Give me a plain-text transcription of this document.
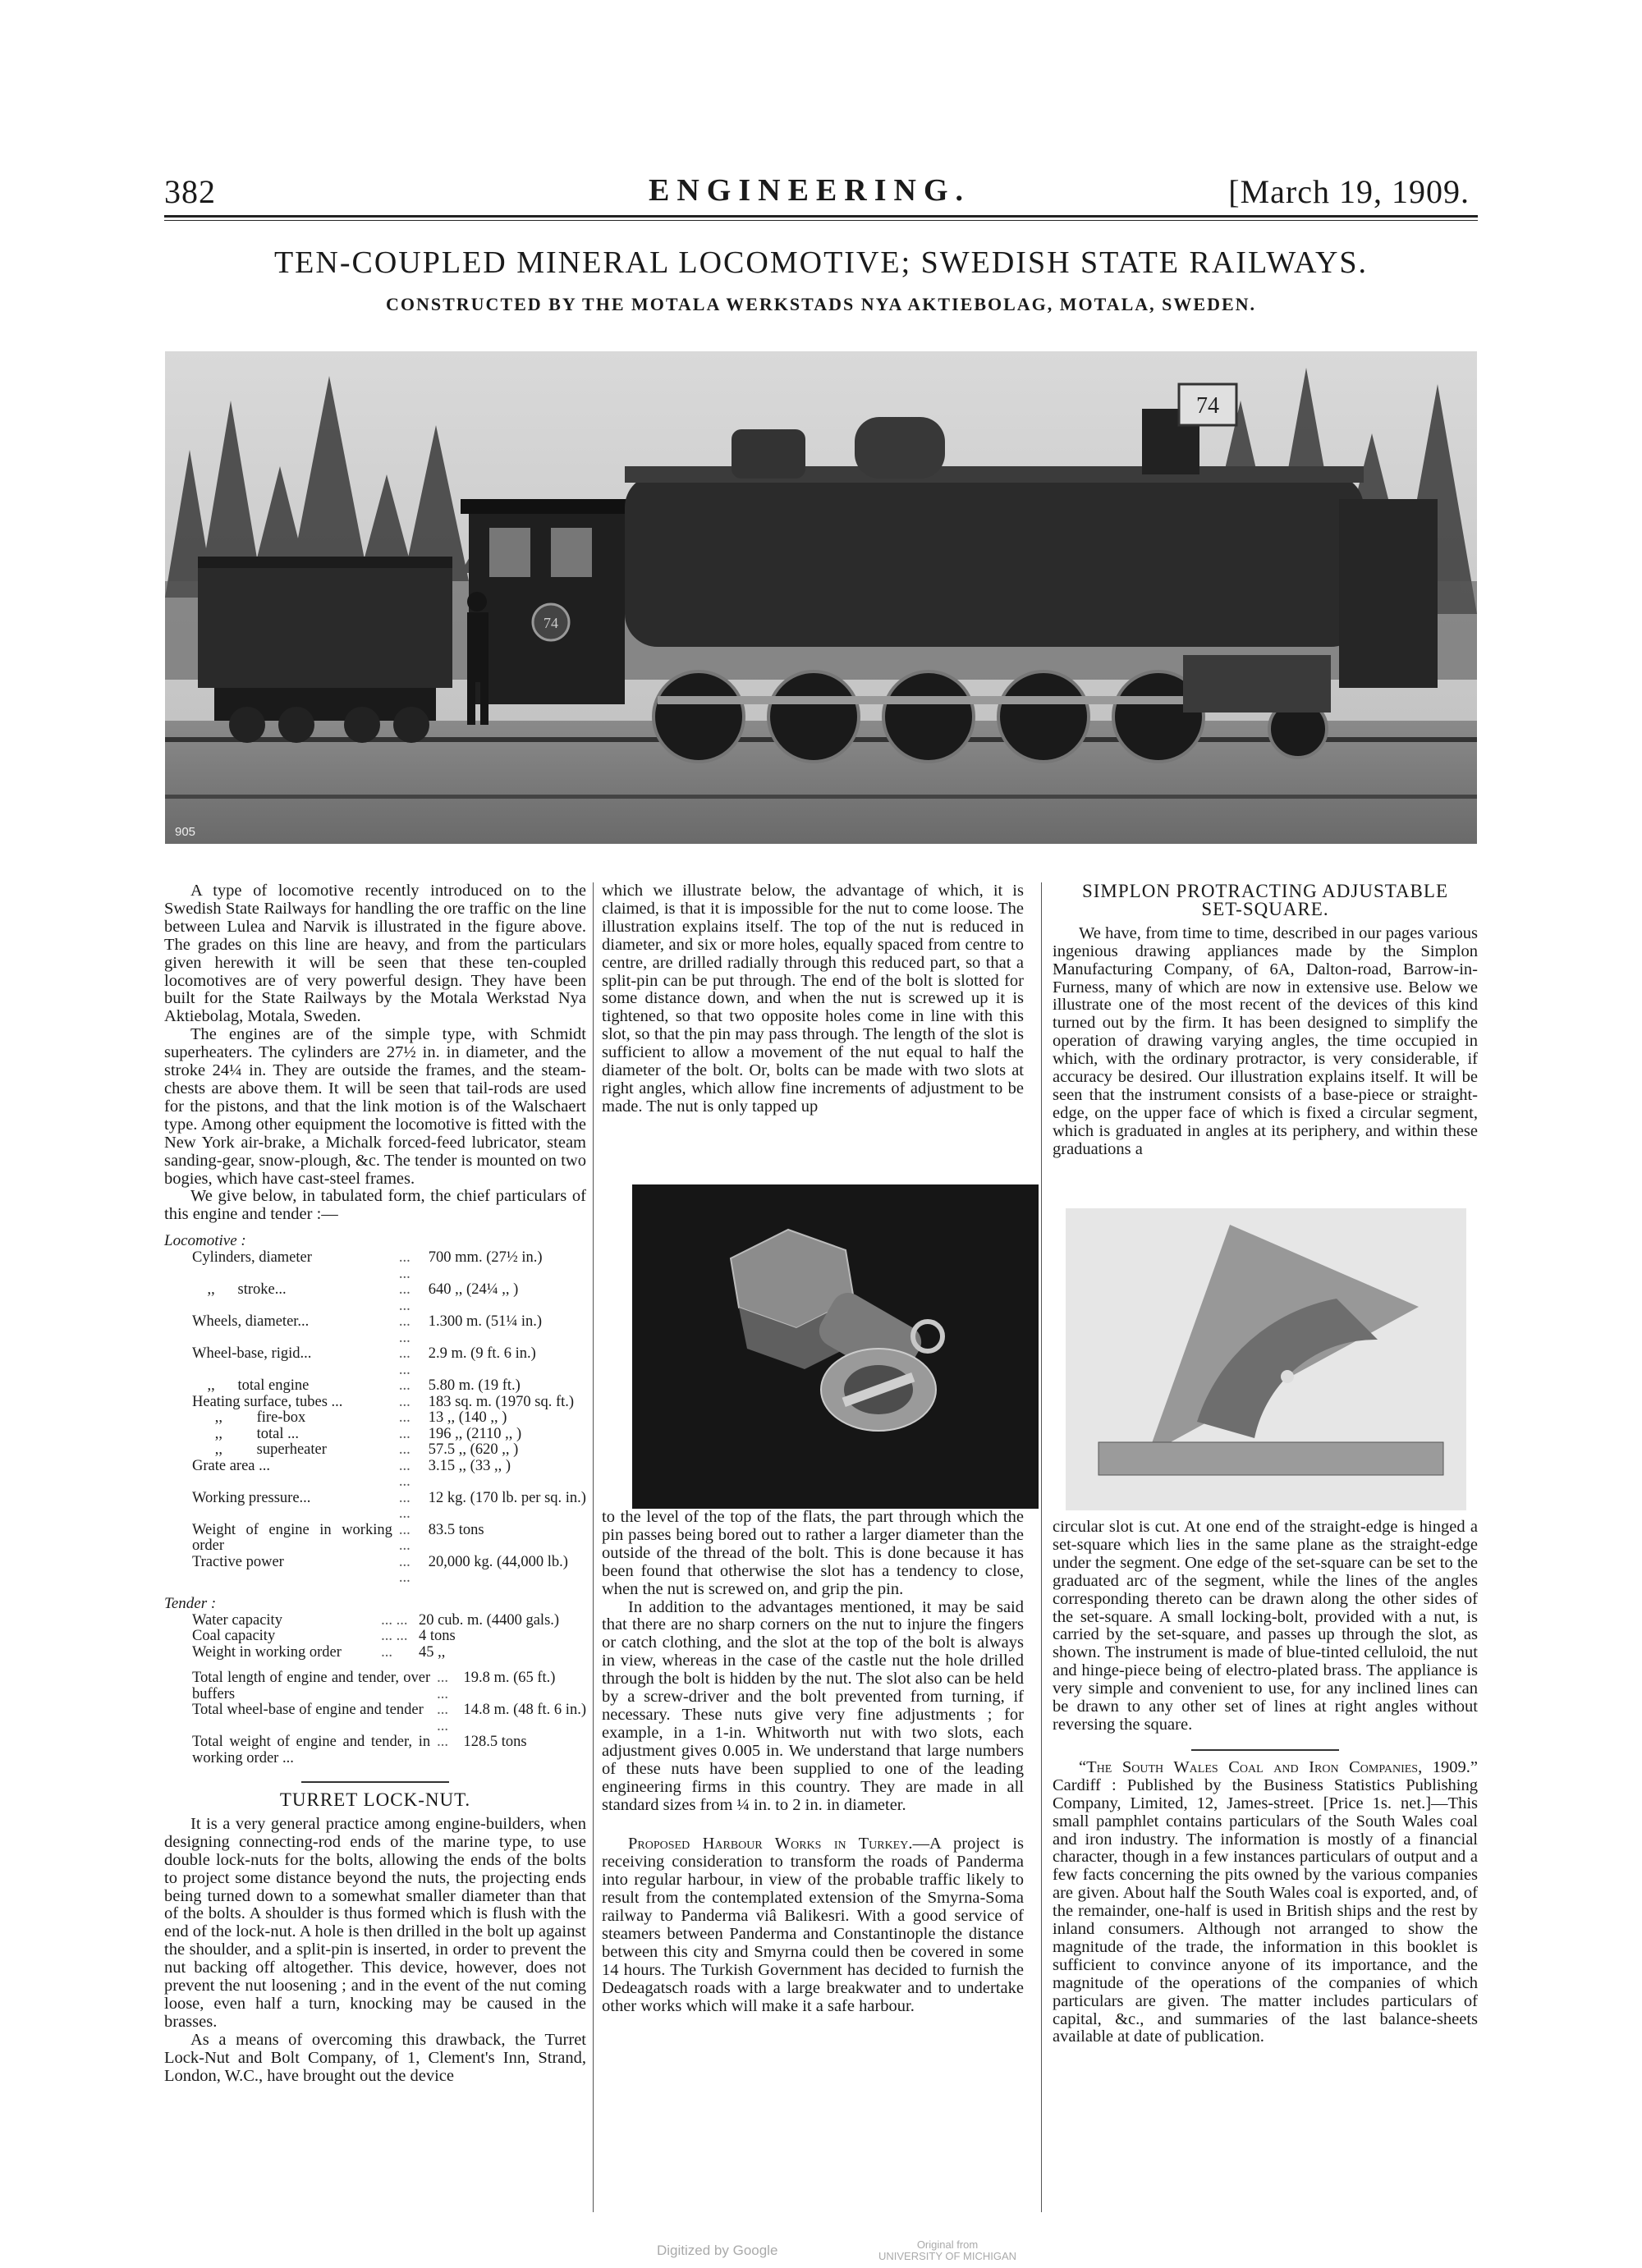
382	ENGINEERING.	[March 19, 1909.
TEN-COUPLED MINERAL LOCOMOTIVE; SWEDISH STATE RAILWAYS.
CONSTRUCTED BY THE MOTALA WERKSTADS NYA AKTIEBOLAG, MOTALA, SWEDEN.
74
74
905

A type of locomotive recently introduced on to the Swedish State Railways for handling the ore traffic on the line between Lulea and Narvik is illustrated in the figure above. The grades on this line are heavy, and from the particulars given herewith it will be seen that these ten-coupled locomotives are of very powerful design. They have been built for the State Railways by the Motala Werkstad Nya Aktiebolag, Motala, Sweden.

The engines are of the simple type, with Schmidt superheaters. The cylinders are 27½ in. in diameter, and the stroke 24¼ in. They are outside the frames, and the steam-chests are above them. It will be seen that tail-rods are used for the pistons, and that the link motion is of the Walschaert type. Among other equipment the locomotive is fitted with the New York air-brake, a Michalk forced-feed lubricator, steam sanding-gear, snow-plough, &c. The tender is mounted on two bogies, which have cast-steel frames.

We give below, in tabulated form, the chief particulars of this engine and tender :—

Locomotive :
Cylinders, diameter	... ...	700 mm. (27½ in.)
,,      stroke...	... ...	640 ,, (24¼ ,, )
Wheels, diameter...	... ...	1.300 m. (51¼ in.)
Wheel-base, rigid...	... ...	2.9 m. (9 ft. 6 in.)
,,      total engine	...	5.80 m. (19 ft.)
Heating surface, tubes ...	...	183 sq. m. (1970 sq. ft.)
,,         fire-box	...	13 ,, (140 ,, )
,,         total ...	...	196 ,, (2110 ,, )
,,         superheater	...	57.5 ,, (620 ,, )
Grate area ...	... ...	3.15 ,, (33 ,, )
Working pressure...	... ...	12 kg. (170 lb. per sq. in.)
Weight of engine in working order	... ...	83.5 tons
Tractive power	... ...	20,000 kg. (44,000 lb.)
Tender :
Water capacity	... ...	20 cub. m. (4400 gals.)
Coal capacity	... ...	4 tons
Weight in working order	...	45 ,,
Total length of engine and tender, over buffers	... ...	19.8 m. (65 ft.)
Total wheel-base of engine and tender	... ...	14.8 m. (48 ft. 6 in.)
Total weight of engine and tender, in working order ...	...	128.5 tons
TURRET LOCK-NUT.

It is a very general practice among engine-builders, when designing connecting-rod ends of the marine type, to use double lock-nuts for the bolts, allowing the ends of the bolts to project some distance beyond the nuts, the projecting ends being turned down to a somewhat smaller diameter than that of the bolts. A shoulder is thus formed which is flush with the end of the lock-nut. A hole is then drilled in the bolt up against the shoulder, and a split-pin is inserted, in order to prevent the nut backing off altogether. This device, however, does not prevent the nut loosening ; and in the event of the nut coming loose, even half a turn, knocking may be caused in the brasses.

As a means of overcoming this drawback, the Turret Lock-Nut and Bolt Company, of 1, Clement's Inn, Strand, London, W.C., have brought out the device

which we illustrate below, the advantage of which, it is claimed, is that it is impossible for the nut to come loose. The illustration explains itself. The top of the nut is reduced in diameter, and six or more holes, equally spaced from centre to centre, are drilled radially through this reduced part, so that a split-pin can be put through. The end of the bolt is slotted for some distance down, and when the nut is screwed up it is tightened, so that two opposite holes come in line with this slot, so that the pin may pass through. The length of the slot is sufficient to allow a movement of the nut equal to half the diameter of the bolt. Or, bolts can be made with two slots at right angles, which allow fine increments of adjustment to be made. The nut is only tapped up

to the level of the top of the flats, the part through which the pin passes being bored out to rather a larger diameter than the outside of the thread of the bolt. This is done because it has been found that otherwise the slot has a tendency to close, when the nut is screwed on, and grip the pin.

In addition to the advantages mentioned, it may be said that there are no sharp corners on the nut to injure the fingers or catch clothing, and the slot at the top of the bolt is always in view, whereas in the case of the castle nut the hole drilled through the bolt is hidden by the nut. The slot also can be held by a screw-driver and the bolt prevented from turning, if necessary. These nuts give very fine adjustments ; for example, in a 1-in. Whitworth nut with two slots, each adjustment gives 0.005 in. We understand that large numbers of these nuts have been supplied to one of the leading engineering firms in this country. They are made in all standard sizes from ¼ in. to 2 in. in diameter.

Proposed Harbour Works in Turkey.—A project is receiving consideration to transform the roads of Panderma into regular harbour, in view of the probable traffic likely to result from the contemplated extension of the Smyrna-Soma railway to Panderma viâ Balikesri. With a good service of steamers between Panderma and Constantinople the distance between this city and Smyrna could then be covered in some 14 hours. The Turkish Government has decided to furnish the Dedeagatsch roads with a large breakwater and to undertake other works which will make it a safe harbour.

SIMPLON PROTRACTING ADJUSTABLE
SET-SQUARE.

We have, from time to time, described in our pages various ingenious drawing appliances made by the Simplon Manufacturing Company, of 6A, Dalton-road, Barrow-in-Furness, many of which are now in extensive use. Below we illustrate one of the most recent of the devices of this kind turned out by the firm. It has been designed to simplify the operation of drawing varying angles, the time occupied in which, with the ordinary protractor, is very considerable, if accuracy be desired. Our illustration explains itself. It will be seen that the instrument consists of a base-piece or straight-edge, on the upper face of which is fixed a circular segment, which is graduated in angles at its periphery, and within these graduations a

circular slot is cut. At one end of the straight-edge is hinged a set-square which lies in the same plane as the straight-edge under the segment. One edge of the set-square can be set to the graduated arc of the segment, while the lines of the angles corresponding thereto can be drawn along the other sides of the set-square. A small locking-bolt, provided with a nut, is carried by the set-square, and passes up through the slot, as shown. The instrument is made of blue-tinted celluloid, the nut and hinge-piece being of electro-plated brass. The appliance is very simple and convenient to use, for any inclined lines can be drawn to any other set of lines at right angles without reversing the square.

“The South Wales Coal and Iron Companies, 1909.” Cardiff : Published by the Business Statistics Publishing Company, Limited, 12, James-street. [Price 1s. net.]—This small pamphlet contains particulars of the South Wales coal and iron industry. The information is mostly of a financial character, though in a few instances particulars of output and a few facts concerning the pits owned by the various companies are given. About half the South Wales coal is exported, and, of the remainder, one-half is used in British ships and the rest by inland consumers. Although not arranged to show the magnitude of the trade, the information in this booklet is sufficient to convince anyone of its importance, and the magnitude of the operations of the companies of which particulars are given. The matter includes particulars of capital, &c., and summaries of the last balance-sheets available at date of publication.

Digitized by Google	Original from
UNIVERSITY OF MICHIGAN
